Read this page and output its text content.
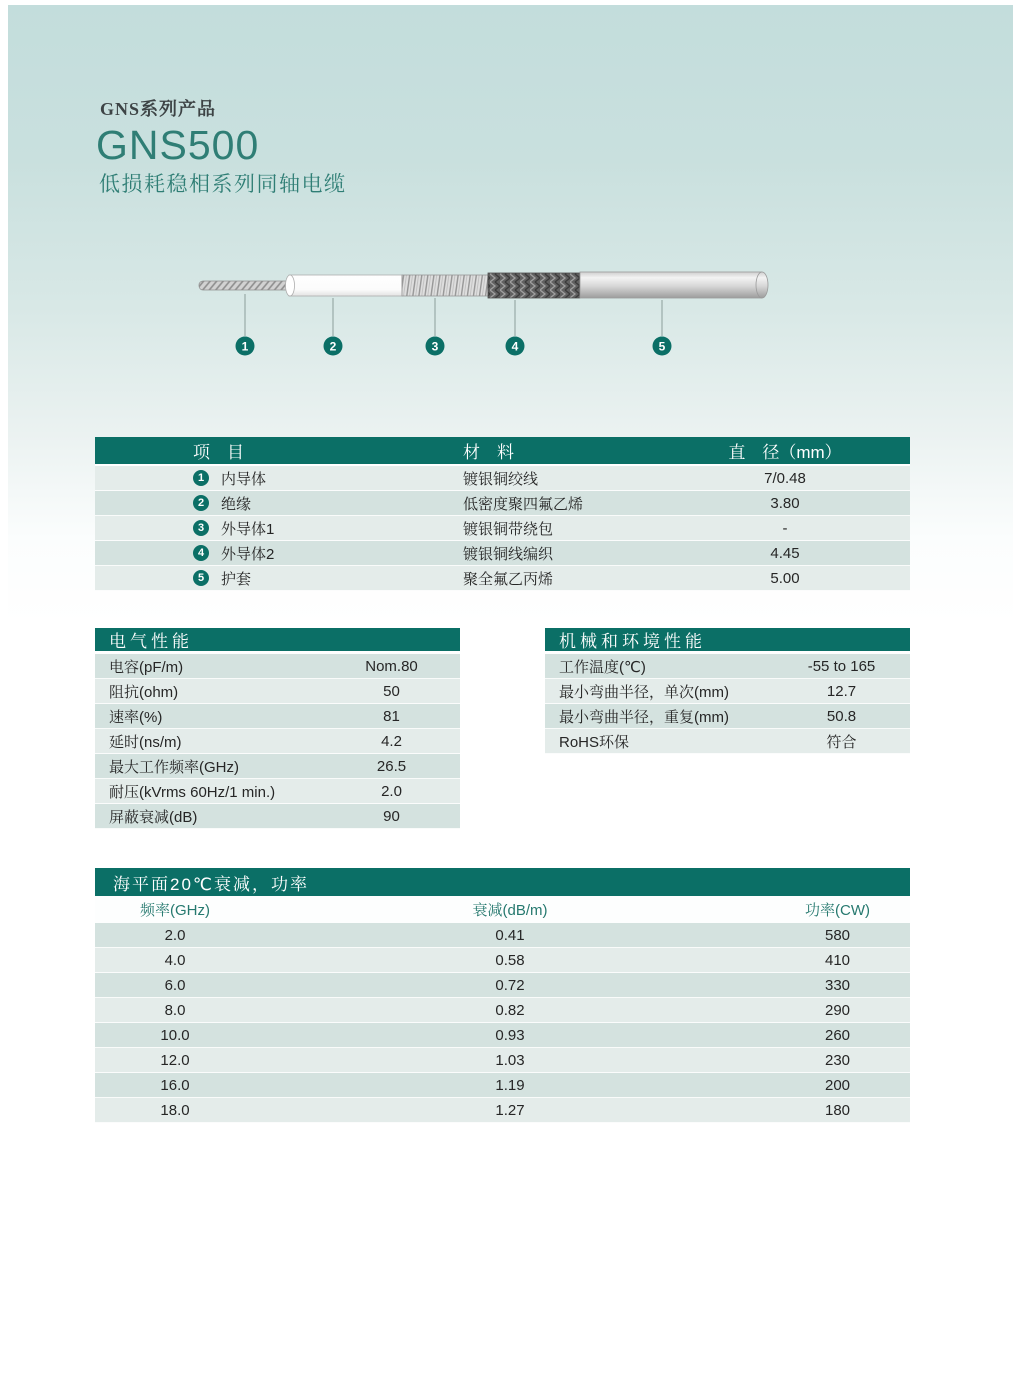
GNS系列产品
GNS500
低损耗稳相系列同轴电缆
1	2	3	4	5
项　目	材　料	直　径（mm）
1	内导体	镀银铜绞线	7/0.48
2	绝缘	低密度聚四氟乙烯	3.80
3	外导体1	镀银铜带绕包	-
4	外导体2	镀银铜线编织	4.45
5	护套	聚全氟乙丙烯	5.00
电气性能
电容(pF/m)	Nom.80
阻抗(ohm)	50
速率(%)	81
延时(ns/m)	4.2
最大工作频率(GHz)	26.5
耐压(kVrms 60Hz/1 min.)	2.0
屏蔽衰减(dB)	90
机械和环境性能
工作温度(℃)	-55 to 165
最小弯曲半径，单次(mm)	12.7
最小弯曲半径，重复(mm)	50.8
RoHS环保	符合
海平面20℃衰减，功率
频率(GHz)	衰减(dB/m)	功率(CW)
2.0	0.41	580
4.0	0.58	410
6.0	0.72	330
8.0	0.82	290
10.0	0.93	260
12.0	1.03	230
16.0	1.19	200
18.0	1.27	180
